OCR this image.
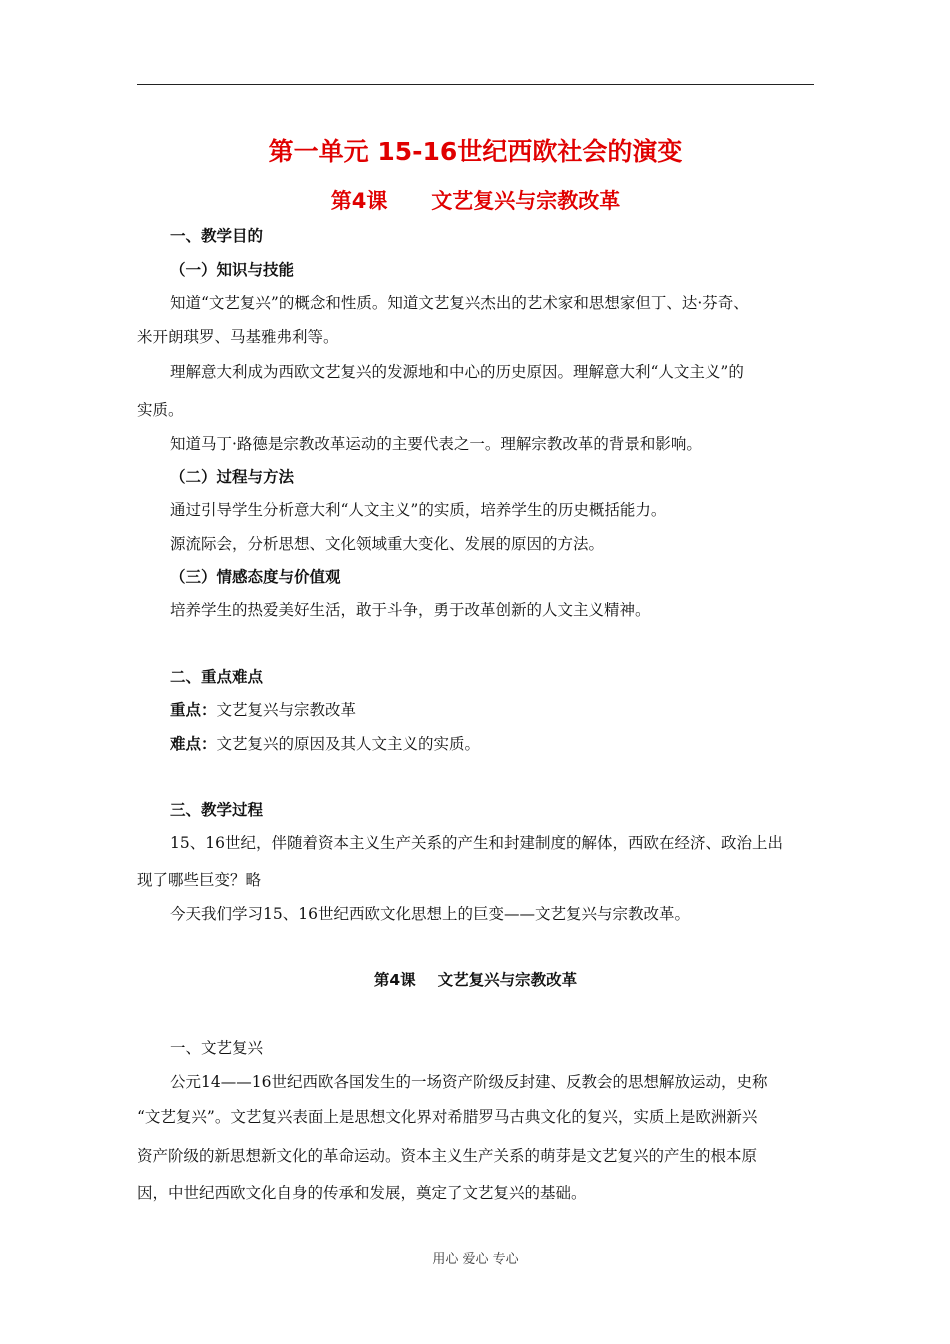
第一单元 15-16世纪西欧社会的演变
第4课      文艺复兴与宗教改革
一、教学目的
（一）知识与技能
知道“文艺复兴”的概念和性质。知道文艺复兴杰出的艺术家和思想家但丁、达·芬奇、
米开朗琪罗、马基雅弗利等。
理解意大利成为西欧文艺复兴的发源地和中心的历史原因。理解意大利“人文主义”的
实质。
知道马丁·路德是宗教改革运动的主要代表之一。理解宗教改革的背景和影响。
（二）过程与方法
通过引导学生分析意大利“人文主义”的实质，培养学生的历史概括能力。
源流际会，分析思想、文化领域重大变化、发展的原因的方法。
（三）情感态度与价值观
培养学生的热爱美好生活，敢于斗争，勇于改革创新的人文主义精神。
二、重点难点
重点：文艺复兴与宗教改革
难点：文艺复兴的原因及其人文主义的实质。
三、教学过程
15、16世纪，伴随着资本主义生产关系的产生和封建制度的解体，西欧在经济、政治上出
现了哪些巨变？略
今天我们学习15、16世纪西欧文化思想上的巨变——文艺复兴与宗教改革。
第4课 文艺复兴与宗教改革
一、文艺复兴
公元14——16世纪西欧各国发生的一场资产阶级反封建、反教会的思想解放运动，史称
“文艺复兴”。文艺复兴表面上是思想文化界对希腊罗马古典文化的复兴，实质上是欧洲新兴
资产阶级的新思想新文化的革命运动。资本主义生产关系的萌芽是文艺复兴的产生的根本原
因，中世纪西欧文化自身的传承和发展，奠定了文艺复兴的基础。
用心 爱心 专心
